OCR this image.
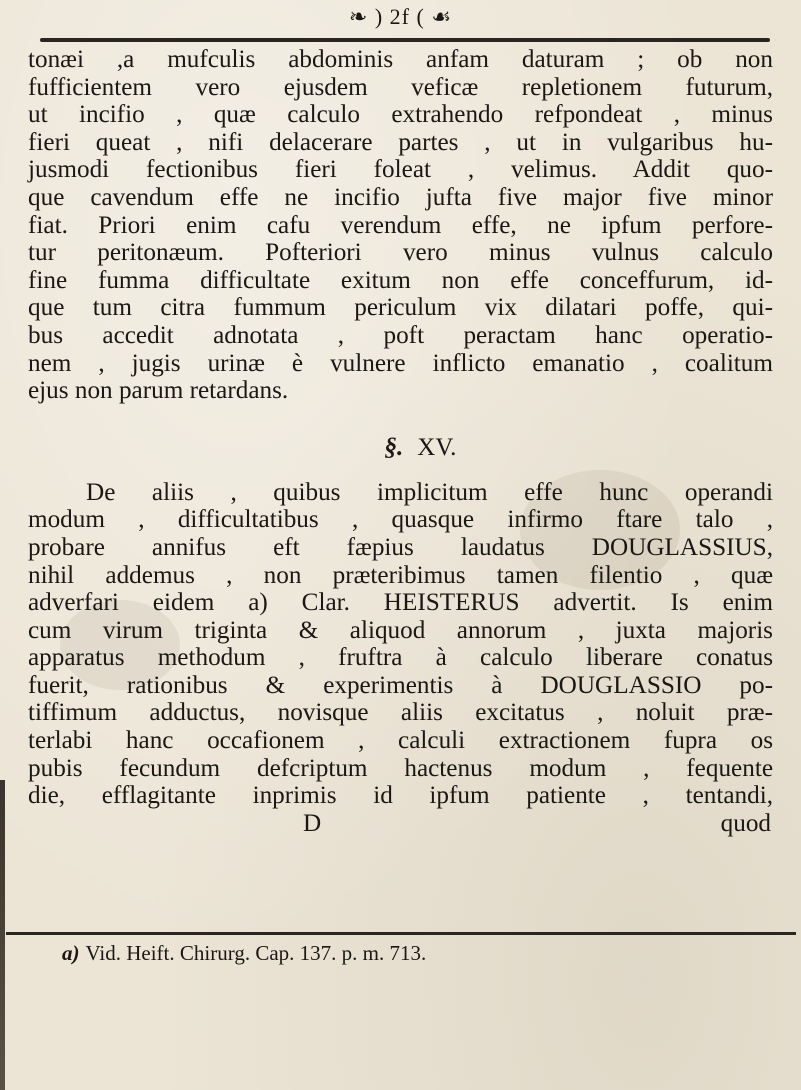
❧ ) 2f ( ☙
tonæi ,a mufculis abdominis anfam daturam ; ob non
fufficientem vero ejusdem veficæ repletionem futurum,
ut incifio , quæ calculo extrahendo refpondeat , minus
fieri queat , nifi delacerare partes , ut in vulgaribus hu-
jusmodi fectionibus fieri foleat , velimus. Addit quo-
que cavendum effe ne incifio jufta five major five minor
fiat. Priori enim cafu verendum effe, ne ipfum perfore-
tur peritonæum. Pofteriori vero minus vulnus calculo
fine fumma difficultate exitum non effe conceffurum, id-
que tum citra fummum periculum vix dilatari poffe, qui-
bus accedit adnotata , poft peractam hanc operatio-
nem , jugis urinæ è vulnere inflicto emanatio , coalitum
ejus non parum retardans.
§. XV.
De aliis , quibus implicitum effe hunc operandi
modum , difficultatibus , quasque infirmo ftare talo ,
probare annifus eft fæpius laudatus DOUGLASSIUS,
nihil addemus , non præteribimus tamen filentio , quæ
adverfari eidem a) Clar. HEISTERUS advertit. Is enim
cum virum triginta & aliquod annorum , juxta majoris
apparatus methodum , fruftra à calculo liberare conatus
fuerit, rationibus & experimentis à DOUGLASSIO po-
tiffimum adductus, novisque aliis excitatus , noluit præ-
terlabi hanc occafionem , calculi extractionem fupra os
pubis fecundum defcriptum hactenus modum , fequente
die, efflagitante inprimis id ipfum patiente , tentandi,
D	quod
a) Vid. Heift. Chirurg. Cap. 137. p. m. 713.
